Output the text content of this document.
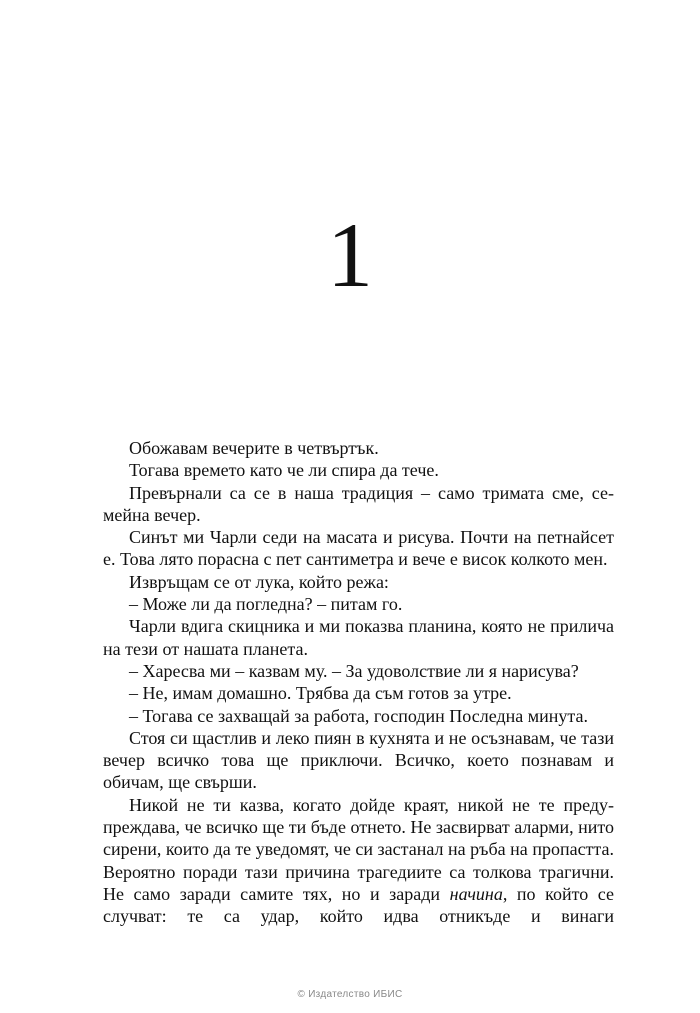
1

Обожавам вечерите в четвъртък.

Тогава времето като че ли спира да тече.

Превърнали са се в наша традиция – само тримата сме, семейна вечер.

Синът ми Чарли седи на масата и рисува. Почти на петнайсет е. Това лято порасна с пет сантиметра и вече е висок колкото мен.

Извръщам се от лука, който режа:

– Може ли да погледна? – питам го.

Чарли вдига скицника и ми показва планина, която не прилича на тези от нашата планета.

– Харесва ми – казвам му. – За удоволствие ли я нарисува?

– Не, имам домашно. Трябва да съм готов за утре.

– Тогава се захващай за работа, господин Последна минута.

Стоя си щастлив и леко пиян в кухнята и не осъзнавам, че тази вечер всичко това ще приключи. Всичко, което познавам и обичам, ще свърши.

Никой не ти казва, когато дойде краят, никой не те предупреждава, че всичко ще ти бъде отнето. Не засвирват аларми, нито сирени, които да те уведомят, че си застанал на ръба на пропастта. Вероятно поради тази причина трагедиите са толкова трагични. Не само заради самите тях, но и заради начина, по който се случват: те са удар, който идва отникъде и винаги

© Издателство ИБИС
